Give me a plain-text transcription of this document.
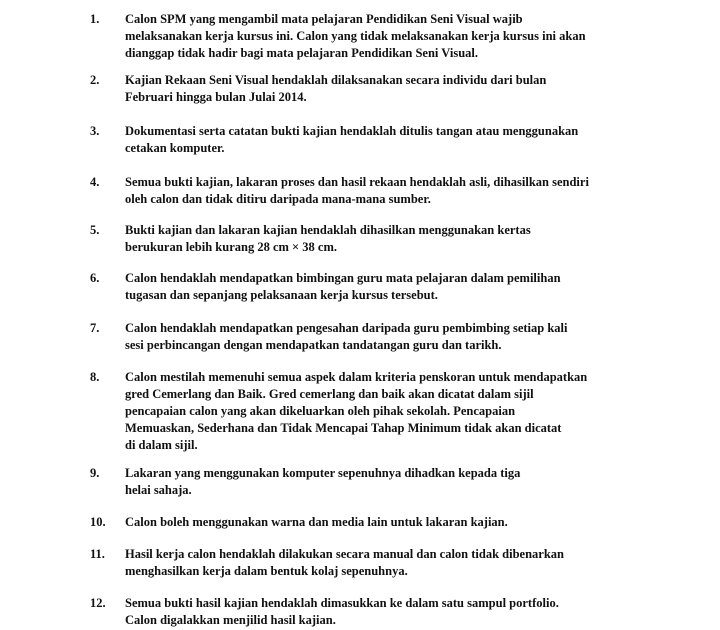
1.	Calon SPM yang mengambil mata pelajaran Pendidikan Seni Visual wajib
melaksanakan kerja kursus ini. Calon yang tidak melaksanakan kerja kursus ini akan
dianggap tidak hadir bagi mata pelajaran Pendidikan Seni Visual.
2.	Kajian Rekaan Seni Visual hendaklah dilaksanakan secara individu dari bulan
Februari hingga bulan Julai 2014.
3.	Dokumentasi serta catatan bukti kajian hendaklah ditulis tangan atau menggunakan
cetakan komputer.
4.	Semua bukti kajian, lakaran proses dan hasil rekaan hendaklah asli, dihasilkan sendiri
oleh calon dan tidak ditiru daripada mana-mana sumber.
5.	Bukti kajian dan lakaran kajian hendaklah dihasilkan menggunakan kertas
berukuran lebih kurang 28 cm × 38 cm.
6.	Calon hendaklah mendapatkan bimbingan guru mata pelajaran dalam pemilihan
tugasan dan sepanjang pelaksanaan kerja kursus tersebut.
7.	Calon hendaklah mendapatkan pengesahan daripada guru pembimbing setiap kali
sesi perbincangan dengan mendapatkan tandatangan guru dan tarikh.
8.	Calon mestilah memenuhi semua aspek dalam kriteria penskoran untuk mendapatkan
gred Cemerlang dan Baik. Gred cemerlang dan baik akan dicatat dalam sijil
pencapaian calon yang akan dikeluarkan oleh pihak sekolah. Pencapaian
Memuaskan, Sederhana dan Tidak Mencapai Tahap Minimum tidak akan dicatat
di dalam sijil.
9.	Lakaran yang menggunakan komputer sepenuhnya dihadkan kepada tiga
helai sahaja.
10.	Calon boleh menggunakan warna dan media lain untuk lakaran kajian.
11.	Hasil kerja calon hendaklah dilakukan secara manual dan calon tidak dibenarkan
menghasilkan kerja dalam bentuk kolaj sepenuhnya.
12.	Semua bukti hasil kajian hendaklah dimasukkan ke dalam satu sampul portfolio.
Calon digalakkan menjilid hasil kajian.
